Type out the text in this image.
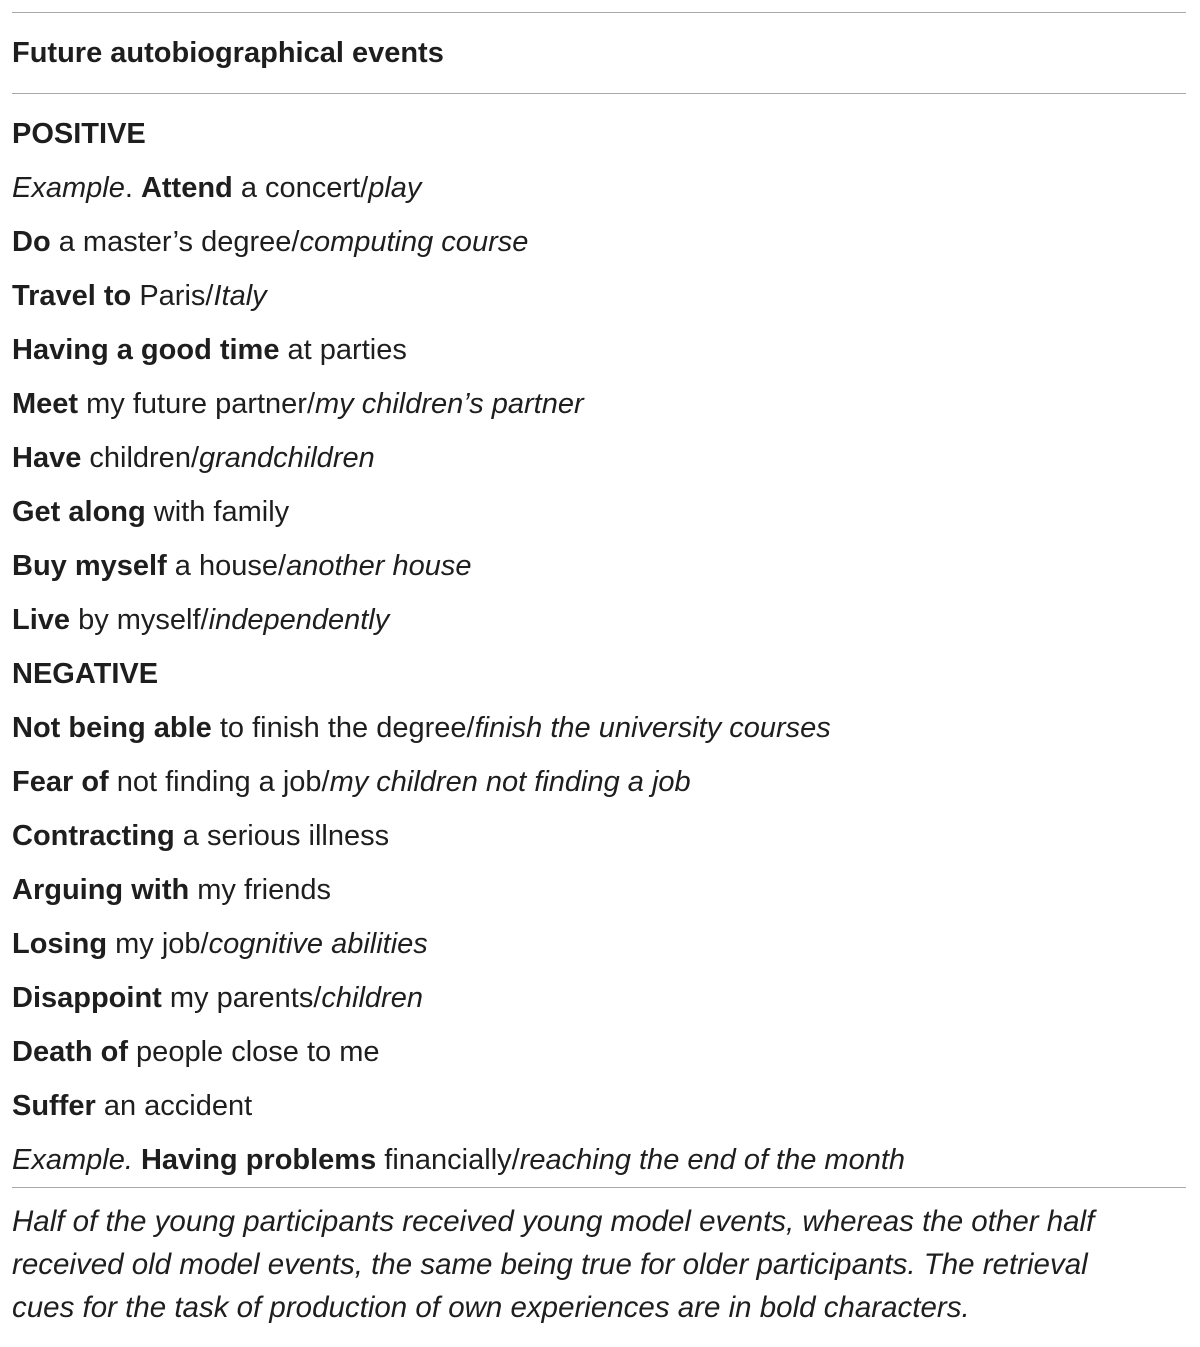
Future autobiographical events
POSITIVE
Example. Attend a concert/play
Do a master’s degree/computing course
Travel to Paris/Italy
Having a good time at parties
Meet my future partner/my children’s partner
Have children/grandchildren
Get along with family
Buy myself a house/another house
Live by myself/independently
NEGATIVE
Not being able to finish the degree/finish the university courses
Fear of not finding a job/my children not finding a job
Contracting a serious illness
Arguing with my friends
Losing my job/cognitive abilities
Disappoint my parents/children
Death of people close to me
Suffer an accident
Example. Having problems financially/reaching the end of the month
Half of the young participants received young model events, whereas the other half
received old model events, the same being true for older participants. The retrieval
cues for the task of production of own experiences are in bold characters.
